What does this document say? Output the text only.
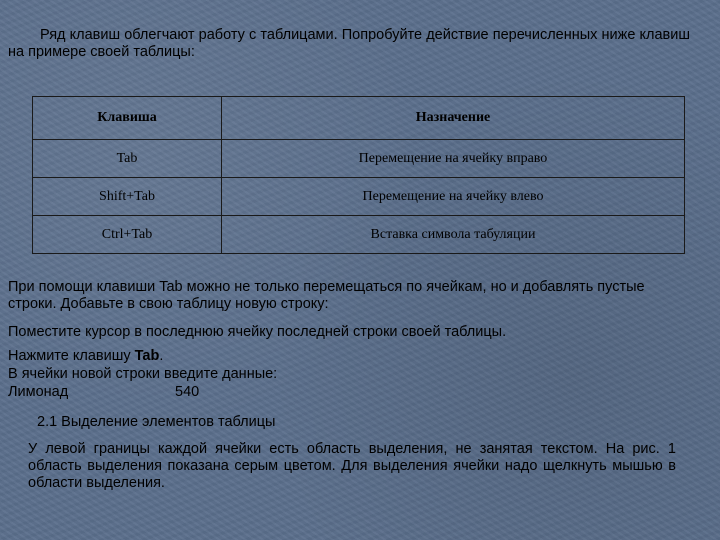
Ряд клавиш облегчают работу с таблицами. Попробуйте действие перечисленных ниже клавиш на примере своей таблицы:
Клавиша	Назначение
Tab	Перемещение на ячейку вправо
Shift+Tab	Перемещение на ячейку влево
Ctrl+Tab	Вставка символа табуляции
При помощи клавиши Tab можно не только перемещаться по ячейкам, но и добавлять пустые строки. Добавьте в свою таблицу новую строку:
Поместите курсор в последнюю ячейку последней строки своей таблицы.
Нажмите клавишу Tab.
В ячейки новой строки введите данные:
Лимонад	540
2.1 Выделение элементов таблицы
У левой границы каждой ячейки есть область выделения, не занятая текстом. На рис. 1 область выделения показана серым цветом. Для выделения ячейки надо щелкнуть мышью в области выделения.
